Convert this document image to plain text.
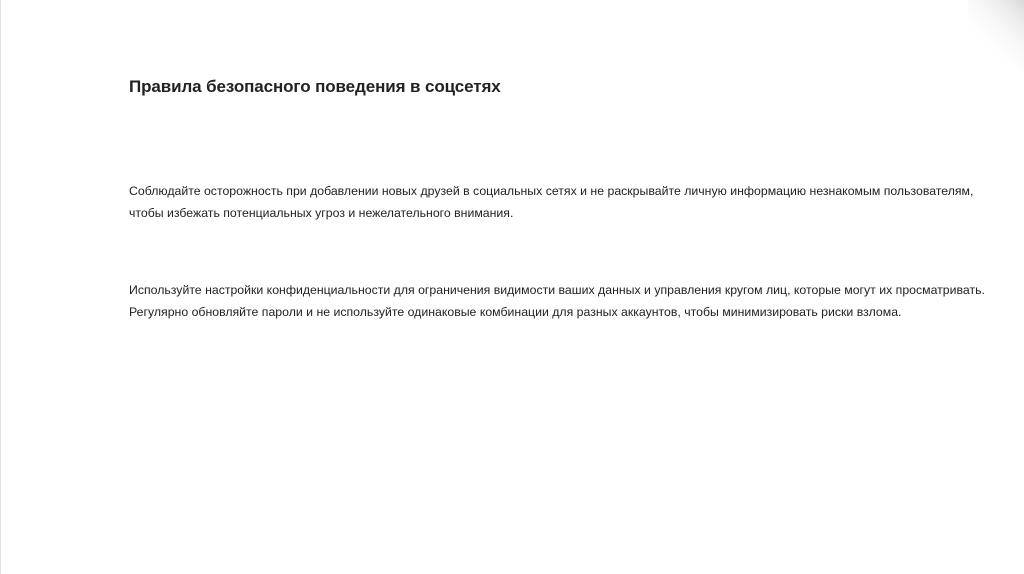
Правила безопасного поведения в соцсетях

Соблюдайте осторожность при добавлении новых друзей в социальных сетях и не раскрывайте личную информацию незнакомым пользователям, чтобы избежать потенциальных угроз и нежелательного внимания.

Используйте настройки конфиденциальности для ограничения видимости ваших данных и управления кругом лиц, которые могут их просматривать. Регулярно обновляйте пароли и не используйте одинаковые комбинации для разных аккаунтов, чтобы минимизировать риски взлома.
